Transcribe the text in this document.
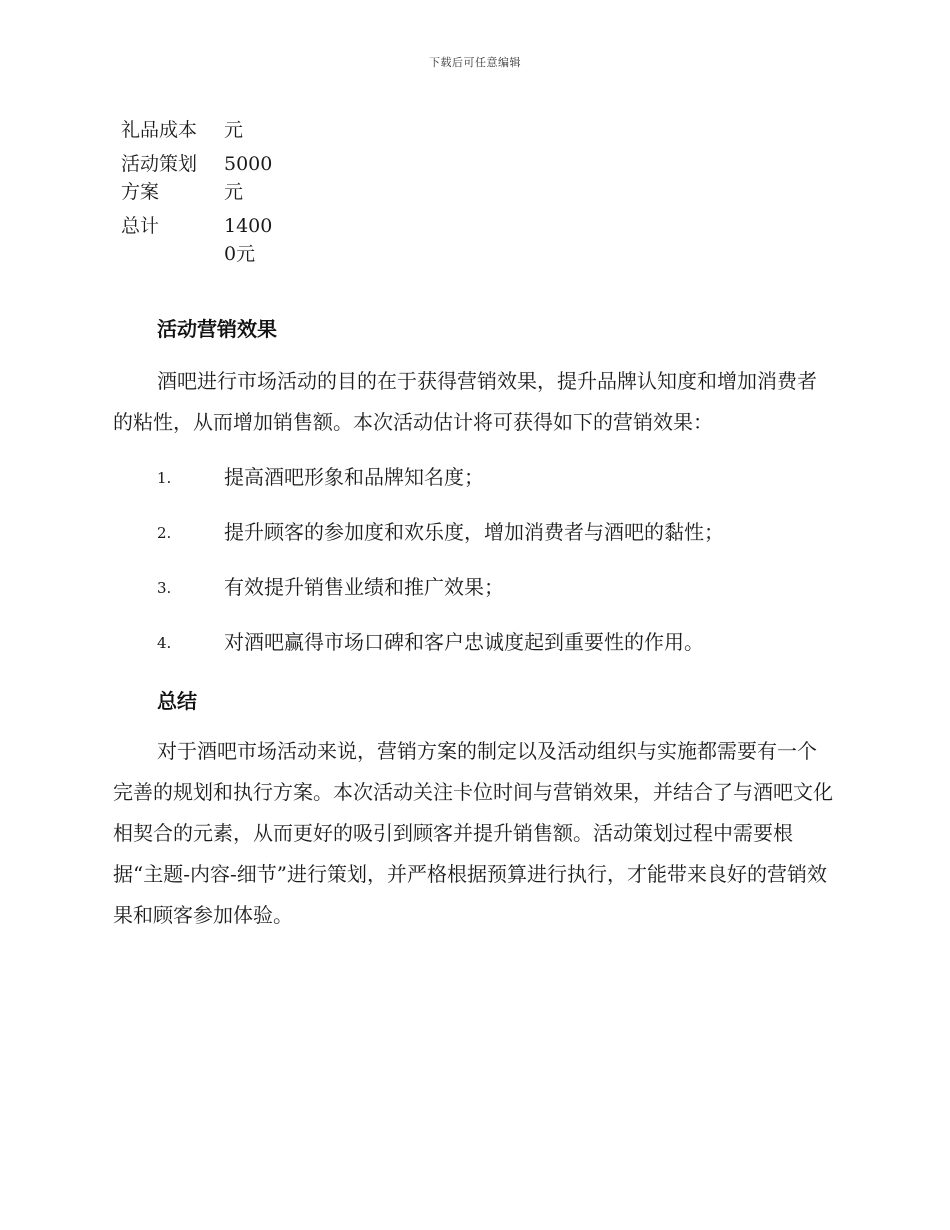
下载后可任意编辑
礼品成本	元
活动策划方案	5000元
总计	14000元
活动营销效果
酒吧进行市场活动的目的在于获得营销效果，提升品牌认知度和增加消费者的粘性，从而增加销售额。本次活动估计将可获得如下的营销效果：
1.	提高酒吧形象和品牌知名度；
2.	提升顾客的参加度和欢乐度，增加消费者与酒吧的黏性；
3.	有效提升销售业绩和推广效果；
4.	对酒吧赢得市场口碑和客户忠诚度起到重要性的作用。
总结
对于酒吧市场活动来说，营销方案的制定以及活动组织与实施都需要有一个完善的规划和执行方案。本次活动关注卡位时间与营销效果，并结合了与酒吧文化相契合的元素，从而更好的吸引到顾客并提升销售额。活动策划过程中需要根据“主题-内容-细节”进行策划，并严格根据预算进行执行，才能带来良好的营销效果和顾客参加体验。
